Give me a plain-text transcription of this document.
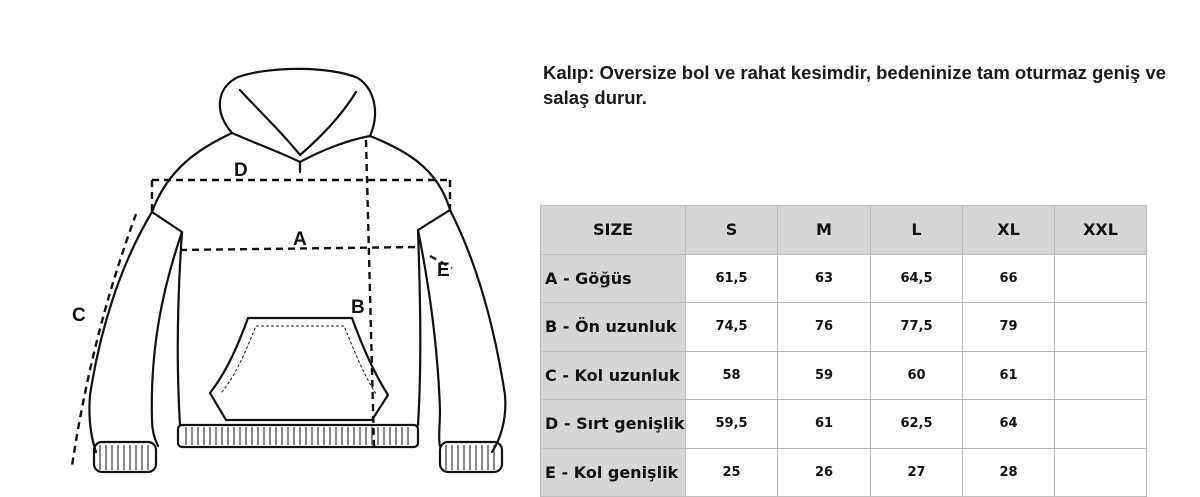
D
A
B
C
E
Kalıp: Oversize bol ve rahat kesimdir, bedeninize tam oturmaz geniş ve salaş durur.
SIZE	S	M	L	XL	XXL
A - Göğüs	61,5	63	64,5	66	
B - Ön uzunluk	74,5	76	77,5	79	
C - Kol uzunluk	58	59	60	61	
D - Sırt genişlik	59,5	61	62,5	64	
E - Kol genişlik	25	26	27	28	
